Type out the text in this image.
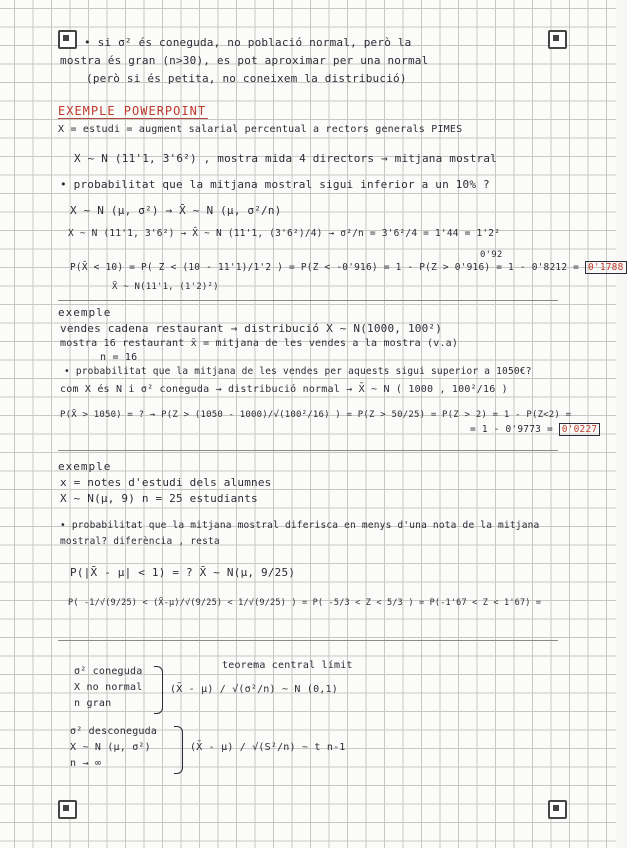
• si σ² és conegudа, no poblaсió normal, però la
mostra és gran (n>30), es pot aproximar per una normal
(però si és petita, no coneixem la distribució)
EXEMPLE POWERPOINT
X = estudi = augment salarial percentual a rectors generals PIMES
X ~ N (11'1, 3'6²) , mostra mida 4 directors → mitjana mostral
• probabilitat que la mitjana mostral sigui inferior a un 10% ?
X ~ N (μ, σ²) → X̄ ~ N (μ, σ²/n)
X ~ N (11'1, 3'6²) → X̄ ~ N (11'1, (3'6²)/4) → σ²/n = 3'6²/4 = 1'44 = 1'2²
0'92
P(X̄ < 10) = P( Z < (10 - 11'1)/1'2 ) = P(Z < -0'916) = 1 - P(Z > 0'916) = 1 - 0'8212 = 0'1788
X̄ ~ N(11'1, (1'2)²)
exemple
vendes cadena restaurant → distribució X ~ N(1000, 100²)
mostra 16 restaurant x̄ = mitjana de les vendes a la mostra (v.a)
n = 16
• probabilitat que la mitjana de les vendes per aquests sigui superior a 1050€?
com X és N i σ² coneguda → distribució normal → X̄ ~ N ( 1000 , 100²/16 )
P(X̄ > 1050) = ? → P(Z > (1050 - 1000)/√(100²/16) ) = P(Z > 50/25) = P(Z > 2) = 1 - P(Z<2) =
= 1 - 0'9773 = 0'0227
exemple
x = notes d'estudi dels alumnes
X ~ N(μ, 9) n = 25 estudiants
• probabilitat que la mitjana mostral diferisca en menys d'una nota de la mitjana
mostral? diferència , resta
P(|X̄ - μ| < 1) = ? X̄ ~ N(μ, 9/25)
P( -1/√(9/25) < (X̄-μ)/√(9/25) < 1/√(9/25) ) = P( -5/3 < Z < 5/3 ) = P(-1'67 < Z < 1'67) =
teorema central límit
σ² coneguda
X no normal
n gran
(X̄ - μ) / √(σ²/n) ~ N (0,1)
σ² desconeguda
X ~ N (μ, σ²)
n → ∞
(X̄ - μ) / √(S²/n) ~ t n-1
